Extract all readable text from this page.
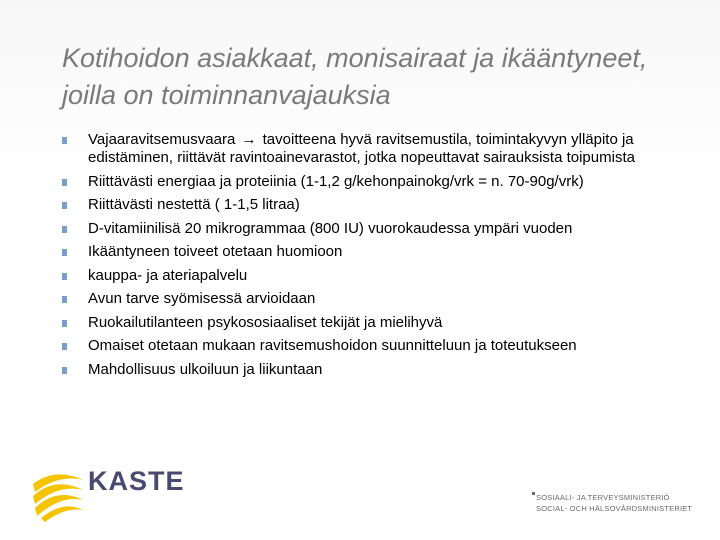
Kotihoidon asiakkaat, monisairaat ja ikääntyneet, joilla on toiminnanvajauksia
Vajaaravitsemusvaara → tavoitteena hyvä ravitsemustila, toimintakyvyn ylläpito ja edistäminen, riittävät ravintoainevarastot, jotka nopeuttavat sairauksista toipumista
Riittävästi energiaa ja proteiinia (1-1,2 g/kehonpainokg/vrk = n. 70-90g/vrk)
Riittävästi nestettä ( 1-1,5 litraa)
D-vitamiinilisä 20 mikrogrammaa (800 IU) vuorokaudessa ympäri vuoden
Ikääntyneen toiveet otetaan huomioon
kauppa- ja ateriapalvelu
Avun tarve syömisessä arvioidaan
Ruokailutilanteen psykososiaaliset tekijät ja mielihyvä
Omaiset otetaan mukaan ravitsemushoidon suunnitteluun ja toteutukseen
Mahdollisuus ulkoiluun ja liikuntaan
KASTE
SOSIAALI- JA TERVEYSMINISTERIÖ
SOCIAL- OCH HÄLSOVÅRDSMINISTERIET
